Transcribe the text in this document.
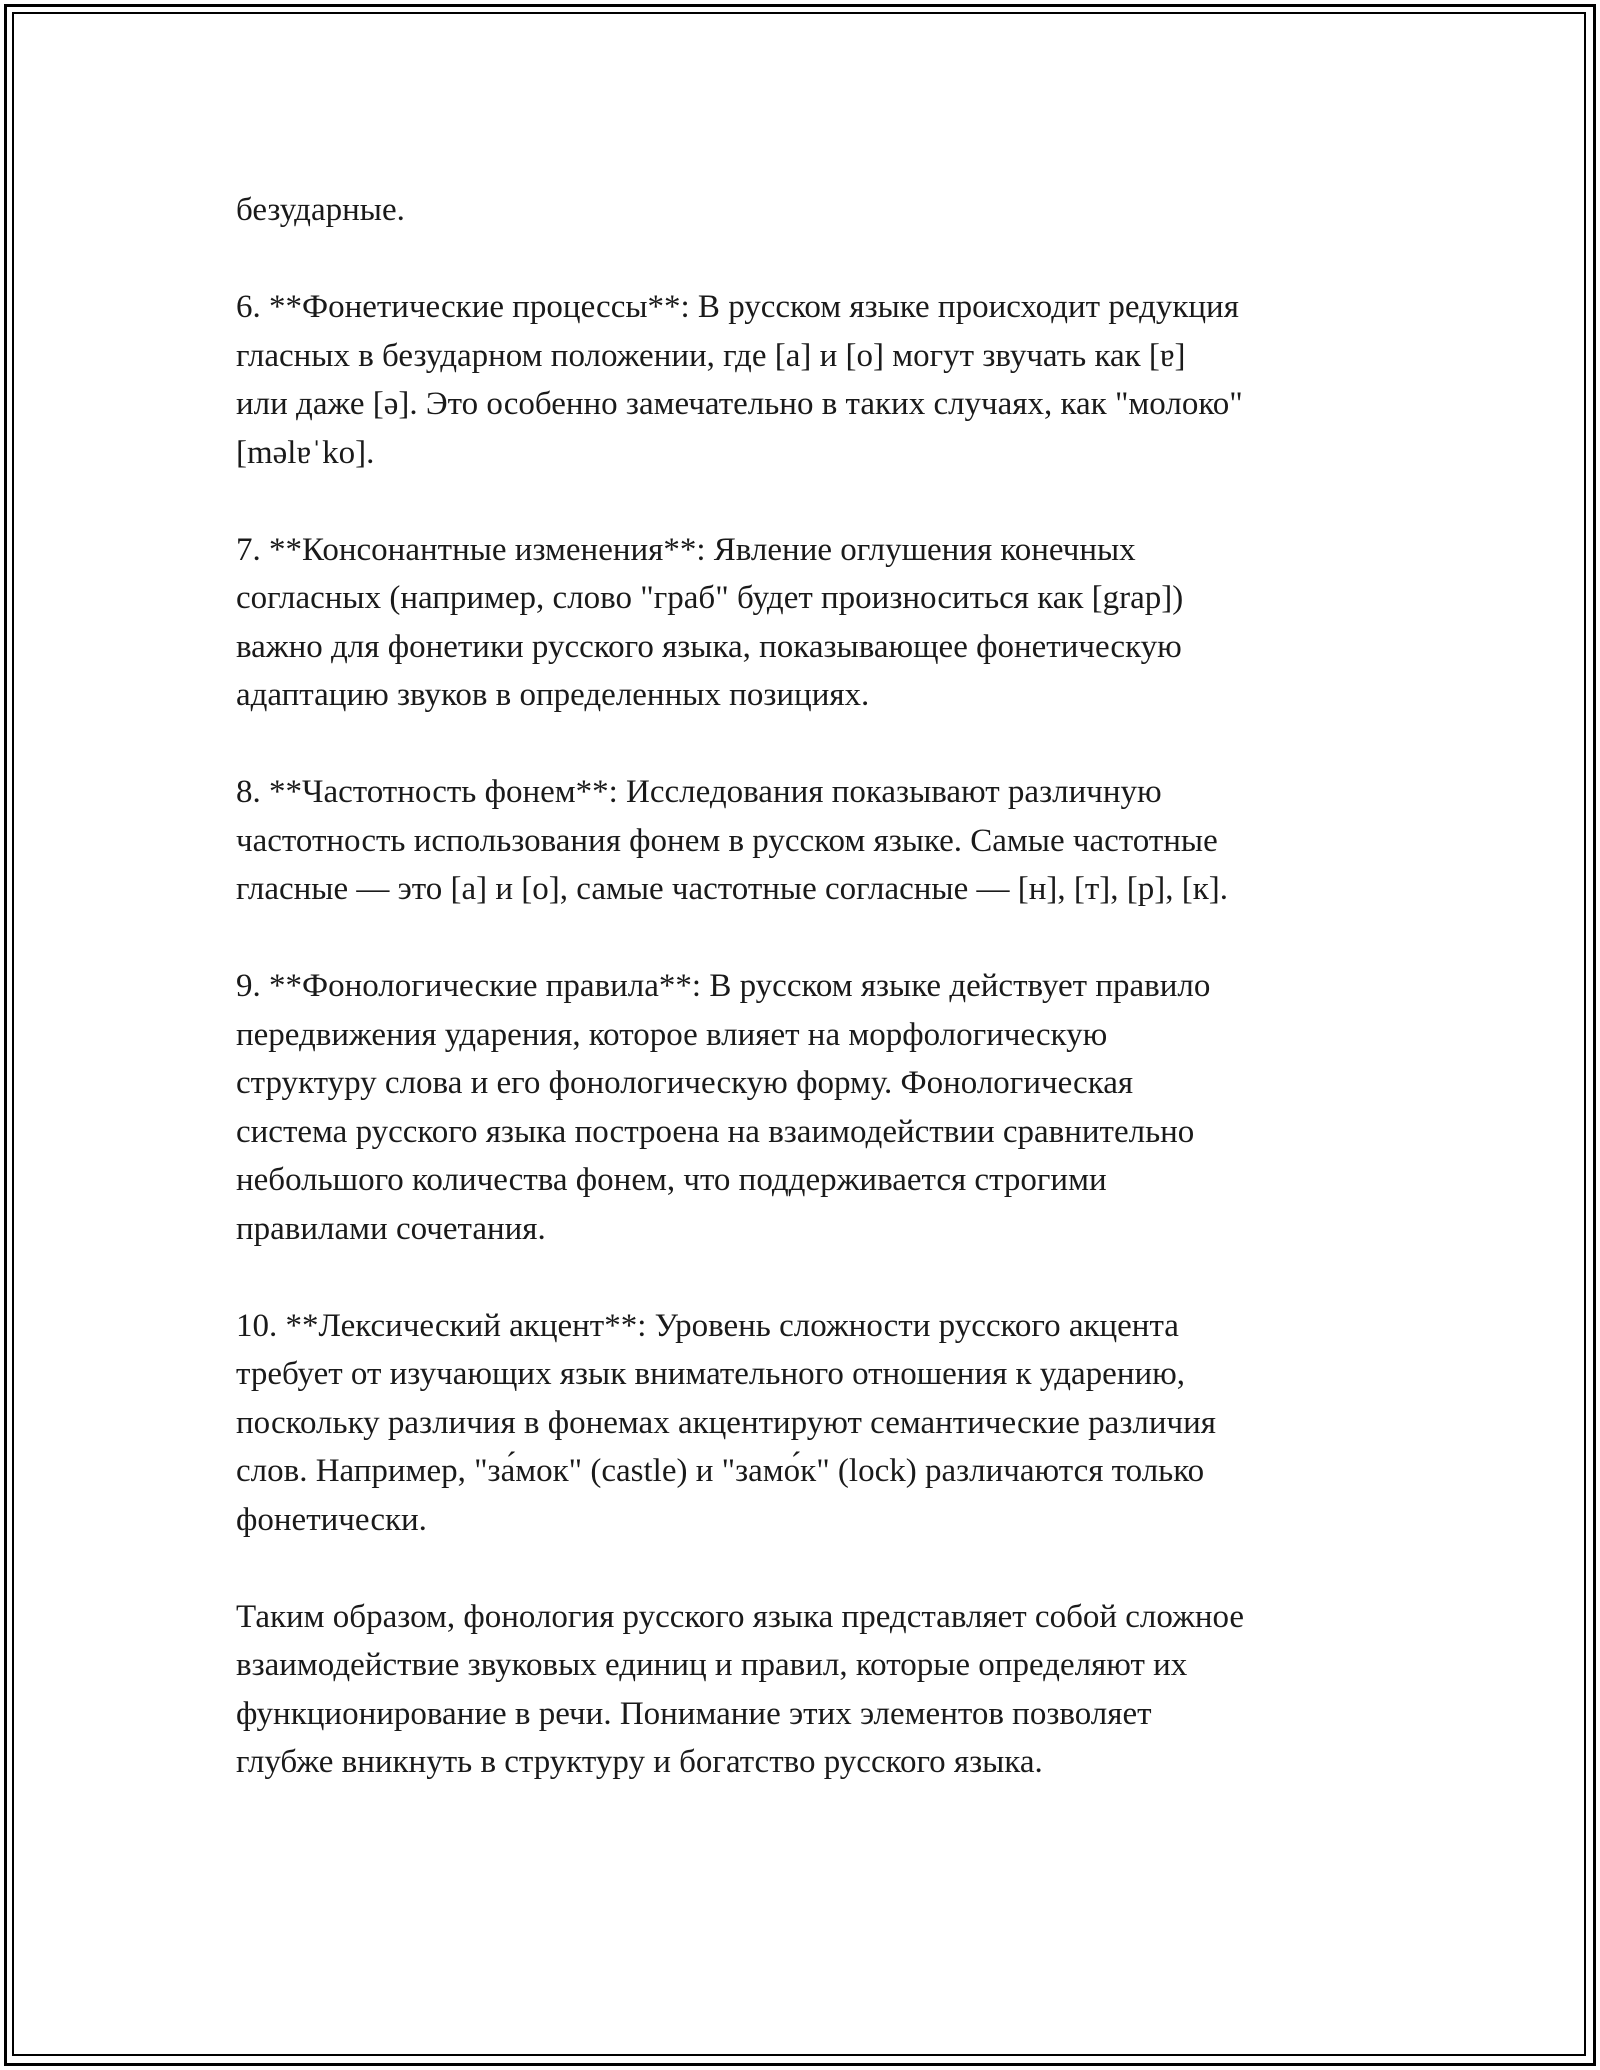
безударные.

6. **Фонетические процессы**: В русском языке происходит редукция
гласных в безударном положении, где [a] и [o] могут звучать как [ɐ]
или даже [ə]. Это особенно замечательно в таких случаях, как "молоко"
[məlɐˈko].

7. **Консонантные изменения**: Явление оглушения конечных
согласных (например, слово "граб" будет произноситься как [grap])
важно для фонетики русского языка, показывающее фонетическую
адаптацию звуков в определенных позициях.

8. **Частотность фонем**: Исследования показывают различную
частотность использования фонем в русском языке. Самые частотные
гласные — это [а] и [о], самые частотные согласные — [н], [т], [р], [к].

9. **Фонологические правила**: В русском языке действует правило
передвижения ударения, которое влияет на морфологическую
структуру слова и его фонологическую форму. Фонологическая
система русского языка построена на взаимодействии сравнительно
небольшого количества фонем, что поддерживается строгими
правилами сочетания.

10. **Лексический акцент**: Уровень сложности русского акцента
требует от изучающих язык внимательного отношения к ударению,
поскольку различия в фонемах акцентируют семантические различия
слов. Например, "за́мок" (castle) и "замо́к" (lock) различаются только
фонетически.

Таким образом, фонология русского языка представляет собой сложное
взаимодействие звуковых единиц и правил, которые определяют их
функционирование в речи. Понимание этих элементов позволяет
глубже вникнуть в структуру и богатство русского языка.
